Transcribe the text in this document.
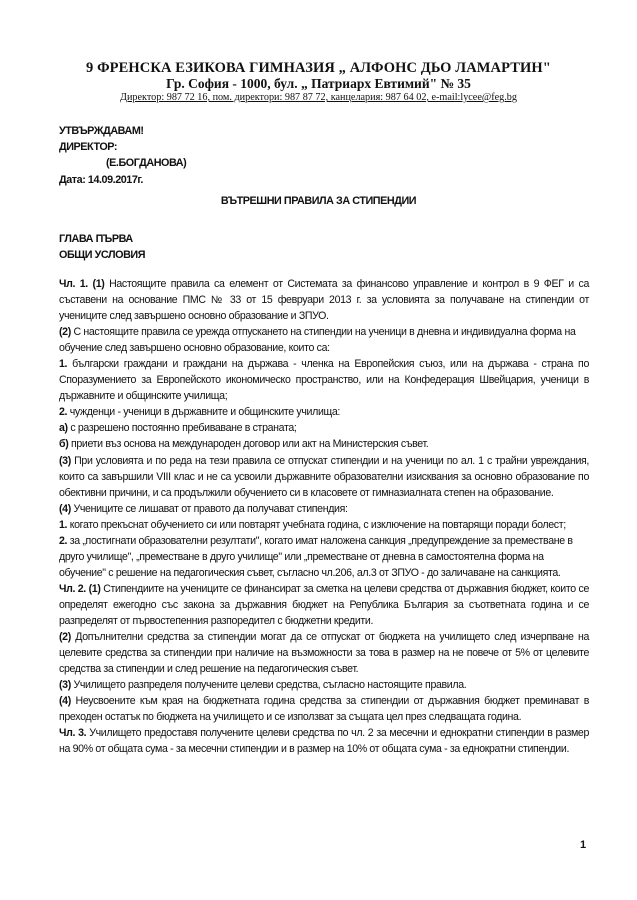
9 ФРЕНСКА ЕЗИКОВА ГИМНАЗИЯ „ АЛФОНС ДЬО ЛАМАРТИН"
Гр. София - 1000, бул. „ Патриарх Евтимий" № 35
Директор: 987 72 16, пом. директори: 987 87 72, канцелария: 987 64 02, e-mail:lycee@feg.bg
УТВЪРЖДАВАМ!
ДИРЕКТОР:
(Е.БОГДАНОВА)
Дата: 14.09.2017г.
ВЪТРЕШНИ ПРАВИЛА ЗА СТИПЕНДИИ
ГЛАВА ПЪРВА
ОБЩИ УСЛОВИЯ

Чл. 1. (1) Настоящите правила са елемент от Системата за финансово управление и контрол в 9 ФЕГ и са съставени на основание ПМС № 33 от 15 февруари 2013 г. за условията за получаване на стипендии от учениците след завършено основно образование и ЗПУО.

(2) С настоящите правила се урежда отпускането на стипендии на ученици в дневна и индивидуална форма на обучение след завършено основно образование, които са:

1. български граждани и граждани на държава - членка на Европейския съюз, или на държава - страна по Споразумението за Европейското икономическо пространство, или на Конфедерация Швейцария, ученици в държавните и общинските училища;

2. чужденци - ученици в държавните и общинските училища:

а) с разрешено постоянно пребиваване в страната;

б) приети въз основа на международен договор или акт на Министерския съвет.

(3) При условията и по реда на тези правила се отпускат стипендии и на ученици по ал. 1 с трайни увреждания, които са завършили VIII клас и не са усвоили държавните образователни изисквания за основно образование по обективни причини, и са продължили обучението си в класовете от гимназиалната степен на образование.

(4) Учениците се лишават от правото да получават стипендия:

1. когато прекъснат обучението си или повтарят учебната година, с изключение на повтарящи поради болест;

2. за „постигнати образователни резултати", когато имат наложена санкция „предупреждение за преместване в друго училище", „преместване в друго училище" или „преместване от дневна в самостоятелна форма на обучение" с решение на педагогическия съвет, съгласно чл.206, ал.3 от ЗПУО - до заличаване на санкцията.

Чл. 2. (1) Стипендиите на учениците се финансират за сметка на целеви средства от държавния бюджет, които се определят ежегодно със закона за държавния бюджет на Република България за съответната година и се разпределят от първостепенния разпоредител с бюджетни кредити.

(2) Допълнителни средства за стипендии могат да се отпускат от бюджета на училището след изчерпване на целевите средства за стипендии при наличие на възможности за това в размер на не повече от 5% от целевите средства за стипендии и след решение на педагогическия съвет.

(3) Училището разпределя получените целеви средства, съгласно настоящите правила.

(4) Неусвоените към края на бюджетната година средства за стипендии от държавния бюджет преминават в преходен остатък по бюджета на училището и се използват за същата цел през следващата година.

Чл. 3. Училището предоставя получените целеви средства по чл. 2 за месечни и еднократни стипендии в размер на 90% от общата сума - за месечни стипендии и в размер на 10% от общата сума - за еднократни стипендии.

1
